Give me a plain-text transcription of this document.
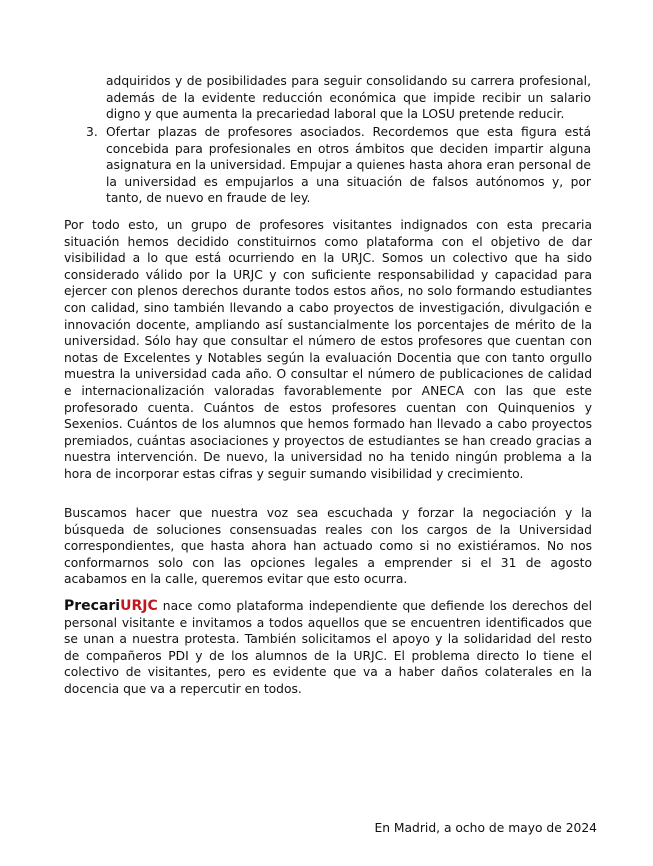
adquiridos y de posibilidades para seguir consolidando su carrera profesional, además de la evidente reducción económica que impide recibir un salario digno y que aumenta la precariedad laboral que la LOSU pretende reducir.

3. Ofertar plazas de profesores asociados. Recordemos que esta figura está concebida para profesionales en otros ámbitos que deciden impartir alguna asignatura en la universidad. Empujar a quienes hasta ahora eran personal de la universidad es empujarlos a una situación de falsos autónomos y, por tanto, de nuevo en fraude de ley.

Por todo esto, un grupo de profesores visitantes indignados con esta precaria situación hemos decidido constituirnos como plataforma con el objetivo de dar visibilidad a lo que está ocurriendo en la URJC. Somos un colectivo que ha sido considerado válido por la URJC y con suficiente responsabilidad y capacidad para ejercer con plenos derechos durante todos estos años, no solo formando estudiantes con calidad, sino también llevando a cabo proyectos de investigación, divulgación e innovación docente, ampliando así sustancialmente los porcentajes de mérito de la universidad. Sólo hay que consultar el número de estos profesores que cuentan con notas de Excelentes y Notables según la evaluación Docentia que con tanto orgullo muestra la universidad cada año. O consultar el número de publicaciones de calidad e internacionalización valoradas favorablemente por ANECA con las que este profesorado cuenta. Cuántos de estos profesores cuentan con Quinquenios y Sexenios. Cuántos de los alumnos que hemos formado han llevado a cabo proyectos premiados, cuántas asociaciones y proyectos de estudiantes se han creado gracias a nuestra intervención. De nuevo, la universidad no ha tenido ningún problema a la hora de incorporar estas cifras y seguir sumando visibilidad y crecimiento.

Buscamos hacer que nuestra voz sea escuchada y forzar la negociación y la búsqueda de soluciones consensuadas reales con los cargos de la Universidad correspondientes, que hasta ahora han actuado como si no existiéramos. No nos conformarnos solo con las opciones legales a emprender si el 31 de agosto acabamos en la calle, queremos evitar que esto ocurra.

PrecariURJC nace como plataforma independiente que defiende los derechos del personal visitante e invitamos a todos aquellos que se encuentren identificados que se unan a nuestra protesta. También solicitamos el apoyo y la solidaridad del resto de compañeros PDI y de los alumnos de la URJC. El problema directo lo tiene el colectivo de visitantes, pero es evidente que va a haber daños colaterales en la docencia que va a repercutir en todos.

En Madrid, a ocho de mayo de 2024
